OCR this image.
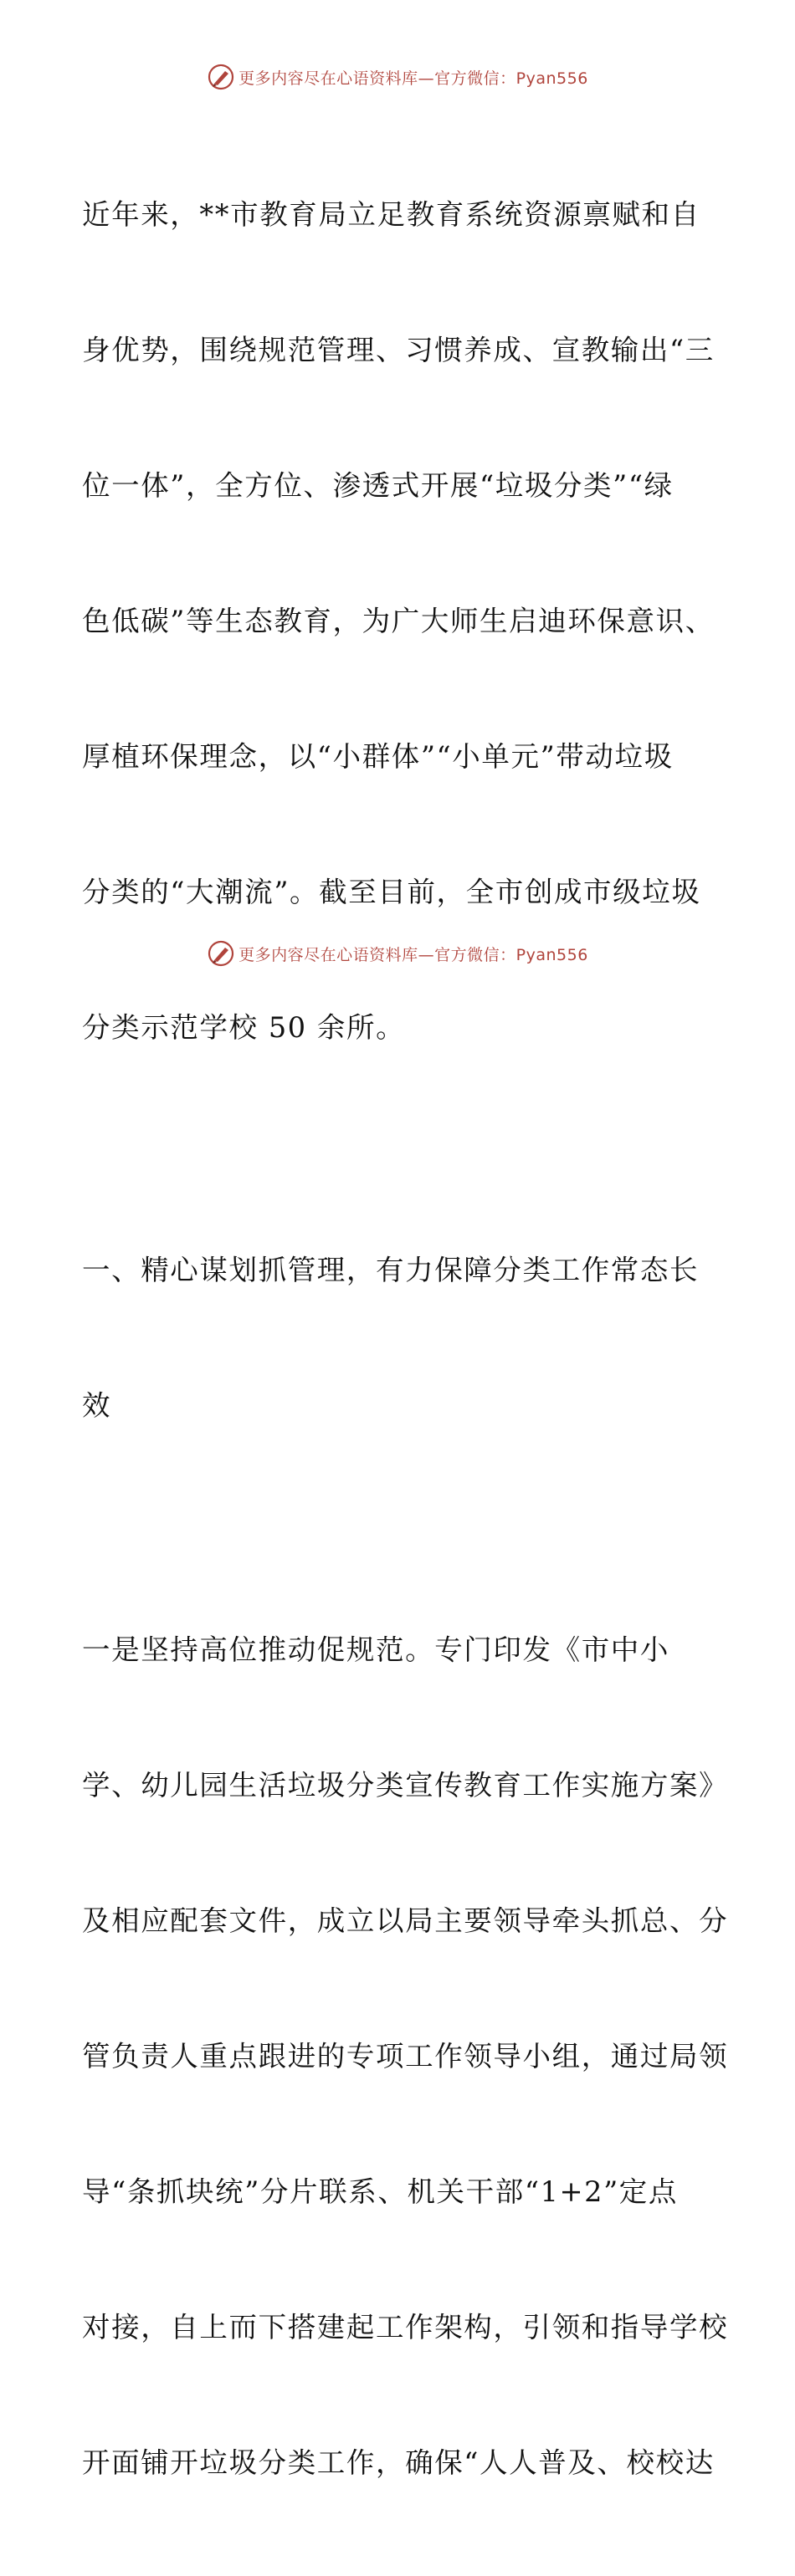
更多内容尽在心语资料库—官方微信：Pyan556

近年来，**市教育局立足教育系统资源禀赋和自

身优势，围绕规范管理、习惯养成、宣教输出“三

位一体”，全方位、渗透式开展“垃圾分类”“绿

色低碳”等生态教育，为广大师生启迪环保意识、

厚植环保理念，以“小群体”“小单元”带动垃圾

分类的“大潮流”。截至目前，全市创成市级垃圾

分类示范学校 50 余所。

一、精心谋划抓管理，有力保障分类工作常态长

效

一是坚持高位推动促规范。专门印发《市中小

学、幼儿园生活垃圾分类宣传教育工作实施方案》

及相应配套文件，成立以局主要领导牵头抓总、分

管负责人重点跟进的专项工作领导小组，通过局领

导“条抓块统”分片联系、机关干部“1+2”定点

对接，自上而下搭建起工作架构，引领和指导学校

开面铺开垃圾分类工作，确保“人人普及、校校达

更多内容尽在心语资料库—官方微信：Pyan556
